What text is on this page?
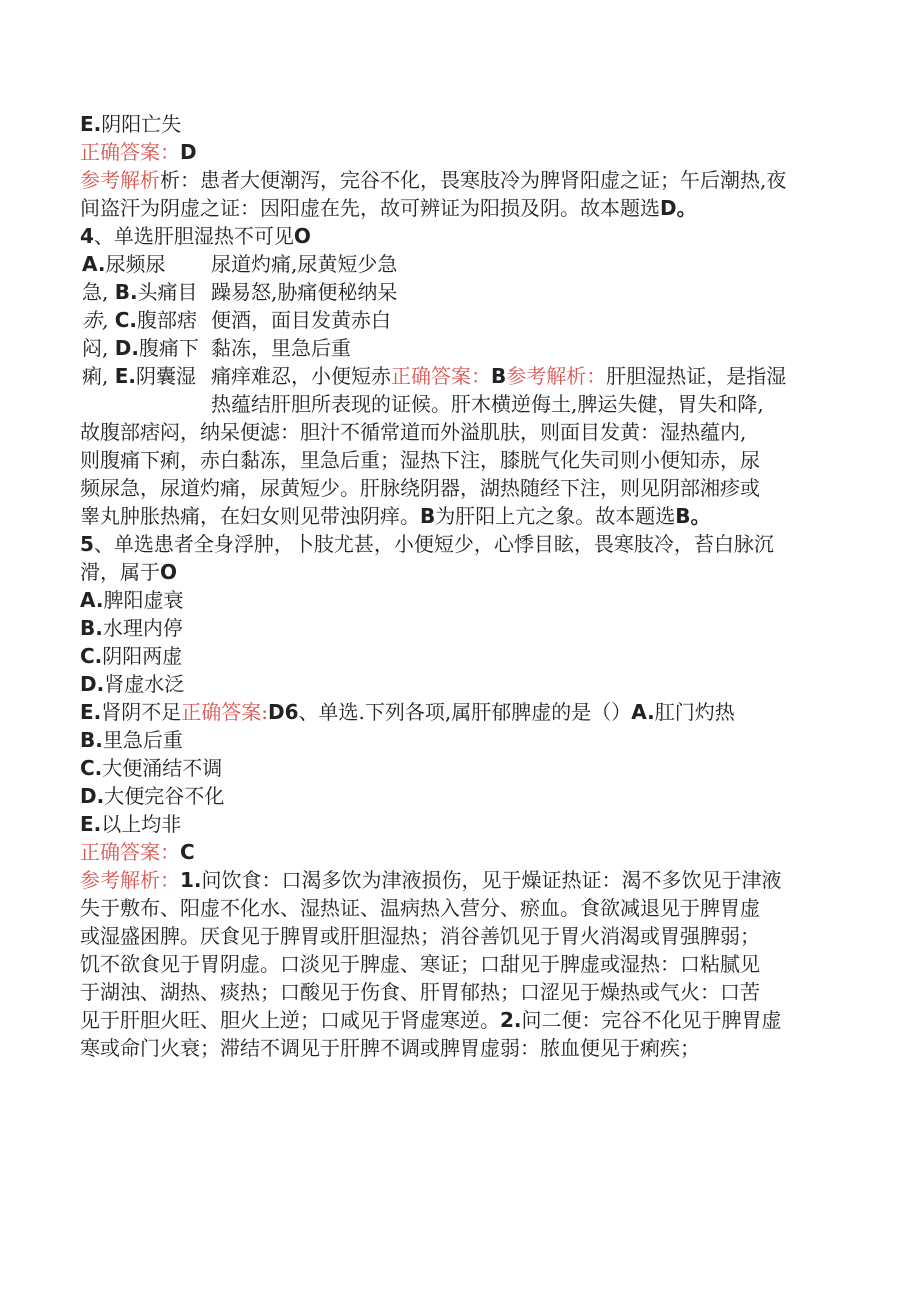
E.阴阳亡失
正确答案：D
参考解析析：患者大便潮泻，完谷不化，畏寒肢冷为脾肾阳虚之证；午后潮热,夜
间盗汗为阴虚之证：因阳虚在先，故可辨证为阳损及阴。故本题选D。
4、单选肝胆湿热不可见O
A.尿频尿
急, B.头痛目
赤, C.腹部痞
闷, D.腹痛下
痢, E.阴囊湿
尿道灼痛,尿黄短少急
躁易怒,胁痛便秘纳呆
便酒，面目发黄赤白
黏冻，里急后重
痛痒难忍，小便短赤正确答案：B参考解析：肝胆湿热证，是指湿
热蕴结肝胆所表现的证候。肝木横逆侮土,脾运失健，胃失和降,
故腹部痞闷，纳呆便滤：胆汁不循常道而外溢肌肤，则面目发黄：湿热蕴内,
则腹痛下痢，赤白黏冻，里急后重；湿热下注，膝胱气化失司则小便知赤，尿
频尿急，尿道灼痛，尿黄短少。肝脉绕阴器，湖热随经下注，则见阴部湘疹或
睾丸肿胀热痛，在妇女则见带浊阴痒。B为肝阳上亢之象。故本题选B。
5、单选患者全身浮肿，卜肢尤甚，小便短少，心悸目眩，畏寒肢冷，苔白脉沉
滑，属于O
A.脾阳虚衰
B.水理内停
C.阴阳两虚
D.肾虚水泛
E.肾阴不足正确答案:D6、单选.下列各项,属肝郁脾虚的是（）A.肛门灼热
B.里急后重
C.大便涌结不调
D.大便完谷不化
E.以上均非
正确答案：C
参考解析：1.问饮食：口渴多饮为津液损伤，见于燥证热证：渴不多饮见于津液
失于敷布、阳虚不化水、湿热证、温病热入营分、瘀血。食欲减退见于脾胃虚
或湿盛困脾。厌食见于脾胃或肝胆湿热；消谷善饥见于胃火消渴或胃强脾弱；
饥不欲食见于胃阴虚。口淡见于脾虚、寒证；口甜见于脾虚或湿热：口粘腻见
于湖浊、湖热、痰热；口酸见于伤食、肝胃郁热；口涩见于燥热或气火：口苦
见于肝胆火旺、胆火上逆；口咸见于肾虚寒逆。2.问二便：完谷不化见于脾胃虚
寒或命门火衰；滞结不调见于肝脾不调或脾胃虚弱：脓血便见于痢疾；
